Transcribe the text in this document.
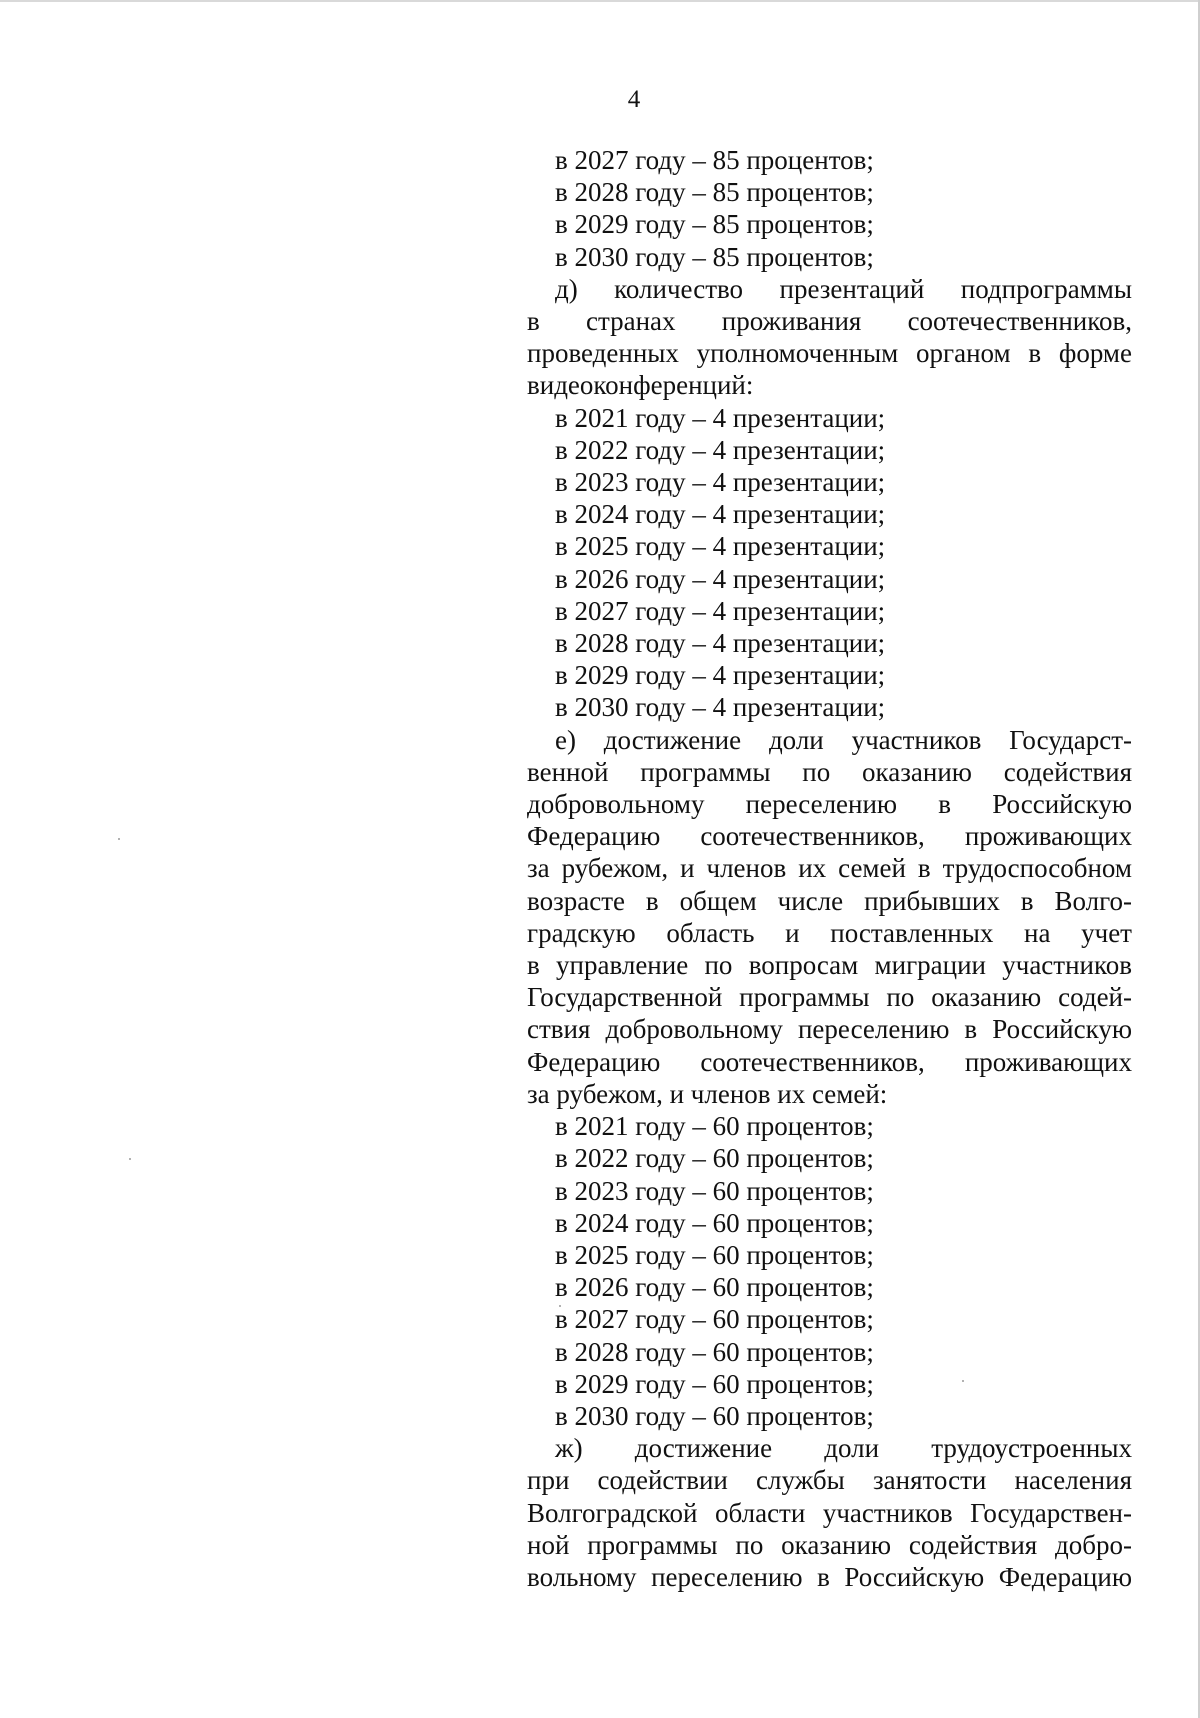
4
в 2027 году – 85 процентов;
в 2028 году – 85 процентов;
в 2029 году – 85 процентов;
в 2030 году – 85 процентов;
д) количество презентаций подпрограммы
в странах проживания соотечественников,
проведенных уполномоченным органом в форме
видеоконференций:
в 2021 году – 4 презентации;
в 2022 году – 4 презентации;
в 2023 году – 4 презентации;
в 2024 году – 4 презентации;
в 2025 году – 4 презентации;
в 2026 году – 4 презентации;
в 2027 году – 4 презентации;
в 2028 году – 4 презентации;
в 2029 году – 4 презентации;
в 2030 году – 4 презентации;
е) достижение доли участников Государст-
венной программы по оказанию содействия
добровольному переселению в Российскую
Федерацию соотечественников, проживающих
за рубежом, и членов их семей в трудоспособном
возрасте в общем числе прибывших в Волго-
градскую область и поставленных на учет
в управление по вопросам миграции участников
Государственной программы по оказанию содей-
ствия добровольному переселению в Российскую
Федерацию соотечественников, проживающих
за рубежом, и членов их семей:
в 2021 году – 60 процентов;
в 2022 году – 60 процентов;
в 2023 году – 60 процентов;
в 2024 году – 60 процентов;
в 2025 году – 60 процентов;
в 2026 году – 60 процентов;
в 2027 году – 60 процентов;
в 2028 году – 60 процентов;
в 2029 году – 60 процентов;
в 2030 году – 60 процентов;
ж) достижение доли трудоустроенных
при содействии службы занятости населения
Волгоградской области участников Государствен-
ной программы по оказанию содействия добро-
вольному переселению в Российскую Федерацию
